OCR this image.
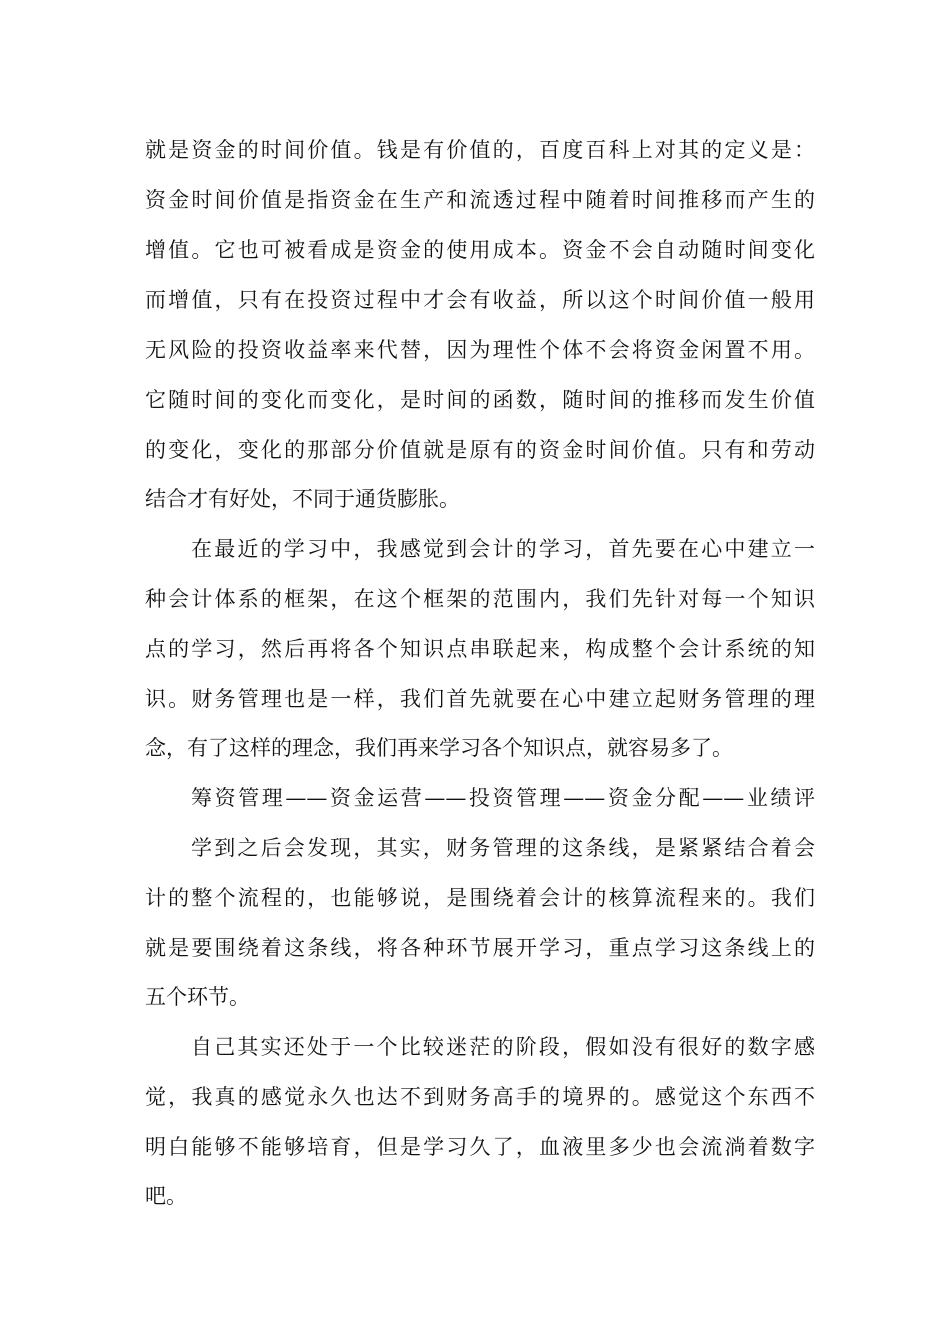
就是资金的时间价值。钱是有价值的，百度百科上对其的定义是：
资金时间价值是指资金在生产和流透过程中随着时间推移而产生的
增值。它也可被看成是资金的使用成本。资金不会自动随时间变化
而增值，只有在投资过程中才会有收益，所以这个时间价值一般用
无风险的投资收益率来代替，因为理性个体不会将资金闲置不用。
它随时间的变化而变化，是时间的函数，随时间的推移而发生价值
的变化，变化的那部分价值就是原有的资金时间价值。只有和劳动
结合才有好处，不同于通货膨胀。
在最近的学习中，我感觉到会计的学习，首先要在心中建立一
种会计体系的框架，在这个框架的范围内，我们先针对每一个知识
点的学习，然后再将各个知识点串联起来，构成整个会计系统的知
识。财务管理也是一样，我们首先就要在心中建立起财务管理的理
念，有了这样的理念，我们再来学习各个知识点，就容易多了。
筹资管理——资金运营——投资管理——资金分配——业绩评
学到之后会发现，其实，财务管理的这条线，是紧紧结合着会
计的整个流程的，也能够说，是围绕着会计的核算流程来的。我们
就是要围绕着这条线，将各种环节展开学习，重点学习这条线上的
五个环节。
自己其实还处于一个比较迷茫的阶段，假如没有很好的数字感
觉，我真的感觉永久也达不到财务高手的境界的。感觉这个东西不
明白能够不能够培育，但是学习久了，血液里多少也会流淌着数字
吧。
